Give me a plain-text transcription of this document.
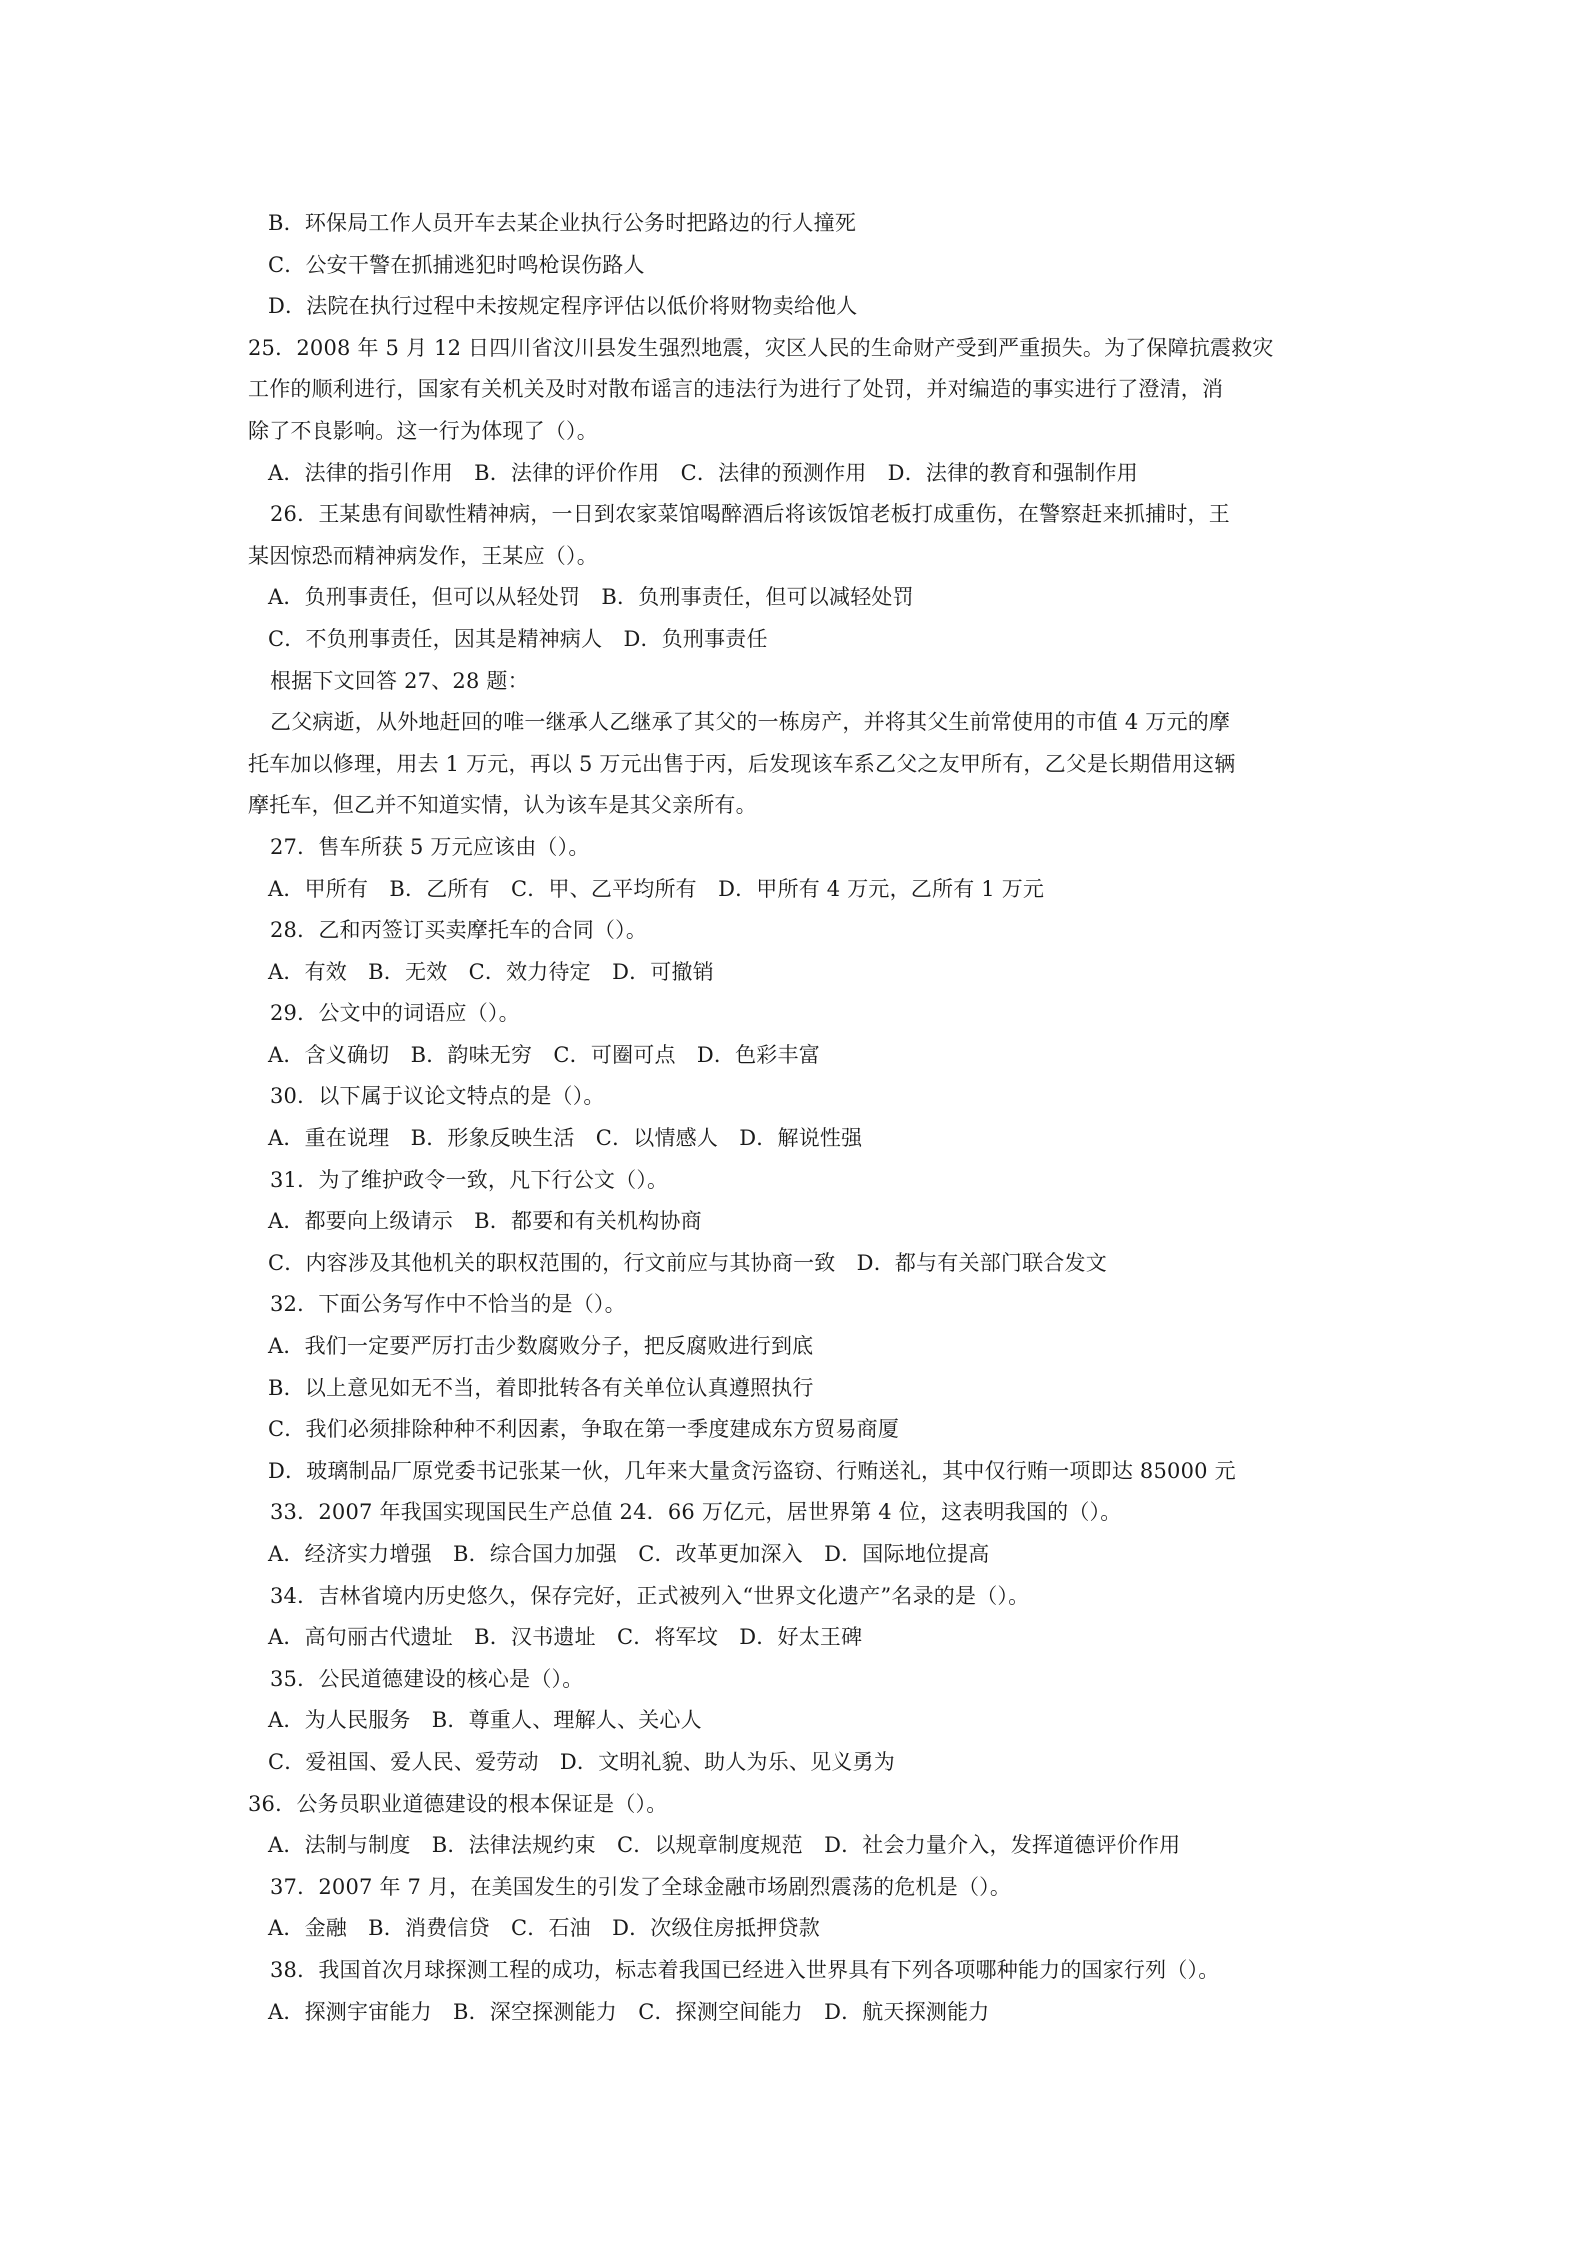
B．环保局工作人员开车去某企业执行公务时把路边的行人撞死
C．公安干警在抓捕逃犯时鸣枪误伤路人
D．法院在执行过程中未按规定程序评估以低价将财物卖给他人
25．2008 年 5 月 12 日四川省汶川县发生强烈地震，灾区人民的生命财产受到严重损失。为了保障抗震救灾
工作的顺利进行，国家有关机关及时对散布谣言的违法行为进行了处罚，并对编造的事实进行了澄清，消
除了不良影响。这一行为体现了（）。
A．法律的指引作用　B．法律的评价作用　C．法律的预测作用　D．法律的教育和强制作用
26．王某患有间歇性精神病，一日到农家菜馆喝醉酒后将该饭馆老板打成重伤，在警察赶来抓捕时，王
某因惊恐而精神病发作，王某应（）。
A．负刑事责任，但可以从轻处罚　B．负刑事责任，但可以减轻处罚
C．不负刑事责任，因其是精神病人　D．负刑事责任
根据下文回答 27、28 题：
乙父病逝，从外地赶回的唯一继承人乙继承了其父的一栋房产，并将其父生前常使用的市值 4 万元的摩
托车加以修理，用去 1 万元，再以 5 万元出售于丙，后发现该车系乙父之友甲所有，乙父是长期借用这辆
摩托车，但乙并不知道实情，认为该车是其父亲所有。
27．售车所获 5 万元应该由（）。
A．甲所有　B．乙所有　C．甲、乙平均所有　D．甲所有 4 万元，乙所有 1 万元
28．乙和丙签订买卖摩托车的合同（）。
A．有效　B．无效　C．效力待定　D．可撤销
29．公文中的词语应（）。
A．含义确切　B．韵味无穷　C．可圈可点　D．色彩丰富
30．以下属于议论文特点的是（）。
A．重在说理　B．形象反映生活　C．以情感人　D．解说性强
31．为了维护政令一致，凡下行公文（）。
A．都要向上级请示　B．都要和有关机构协商
C．内容涉及其他机关的职权范围的，行文前应与其协商一致　D．都与有关部门联合发文
32．下面公务写作中不恰当的是（）。
A．我们一定要严厉打击少数腐败分子，把反腐败进行到底
B．以上意见如无不当，着即批转各有关单位认真遵照执行
C．我们必须排除种种不利因素，争取在第一季度建成东方贸易商厦
D．玻璃制品厂原党委书记张某一伙，几年来大量贪污盗窃、行贿送礼，其中仅行贿一项即达 85000 元
33．2007 年我国实现国民生产总值 24．66 万亿元，居世界第 4 位，这表明我国的（）。
A．经济实力增强　B．综合国力加强　C．改革更加深入　D．国际地位提高
34．吉林省境内历史悠久，保存完好，正式被列入“世界文化遗产”名录的是（）。
A．高句丽古代遗址　B．汉书遗址　C．将军坟　D．好太王碑
35．公民道德建设的核心是（）。
A．为人民服务　B．尊重人、理解人、关心人
C．爱祖国、爱人民、爱劳动　D．文明礼貌、助人为乐、见义勇为
36．公务员职业道德建设的根本保证是（）。
A．法制与制度　B．法律法规约束　C．以规章制度规范　D．社会力量介入，发挥道德评价作用
37．2007 年 7 月，在美国发生的引发了全球金融市场剧烈震荡的危机是（）。
A．金融　B．消费信贷　C．石油　D．次级住房抵押贷款
38．我国首次月球探测工程的成功，标志着我国已经进入世界具有下列各项哪种能力的国家行列（）。
A．探测宇宙能力　B．深空探测能力　C．探测空间能力　D．航天探测能力
